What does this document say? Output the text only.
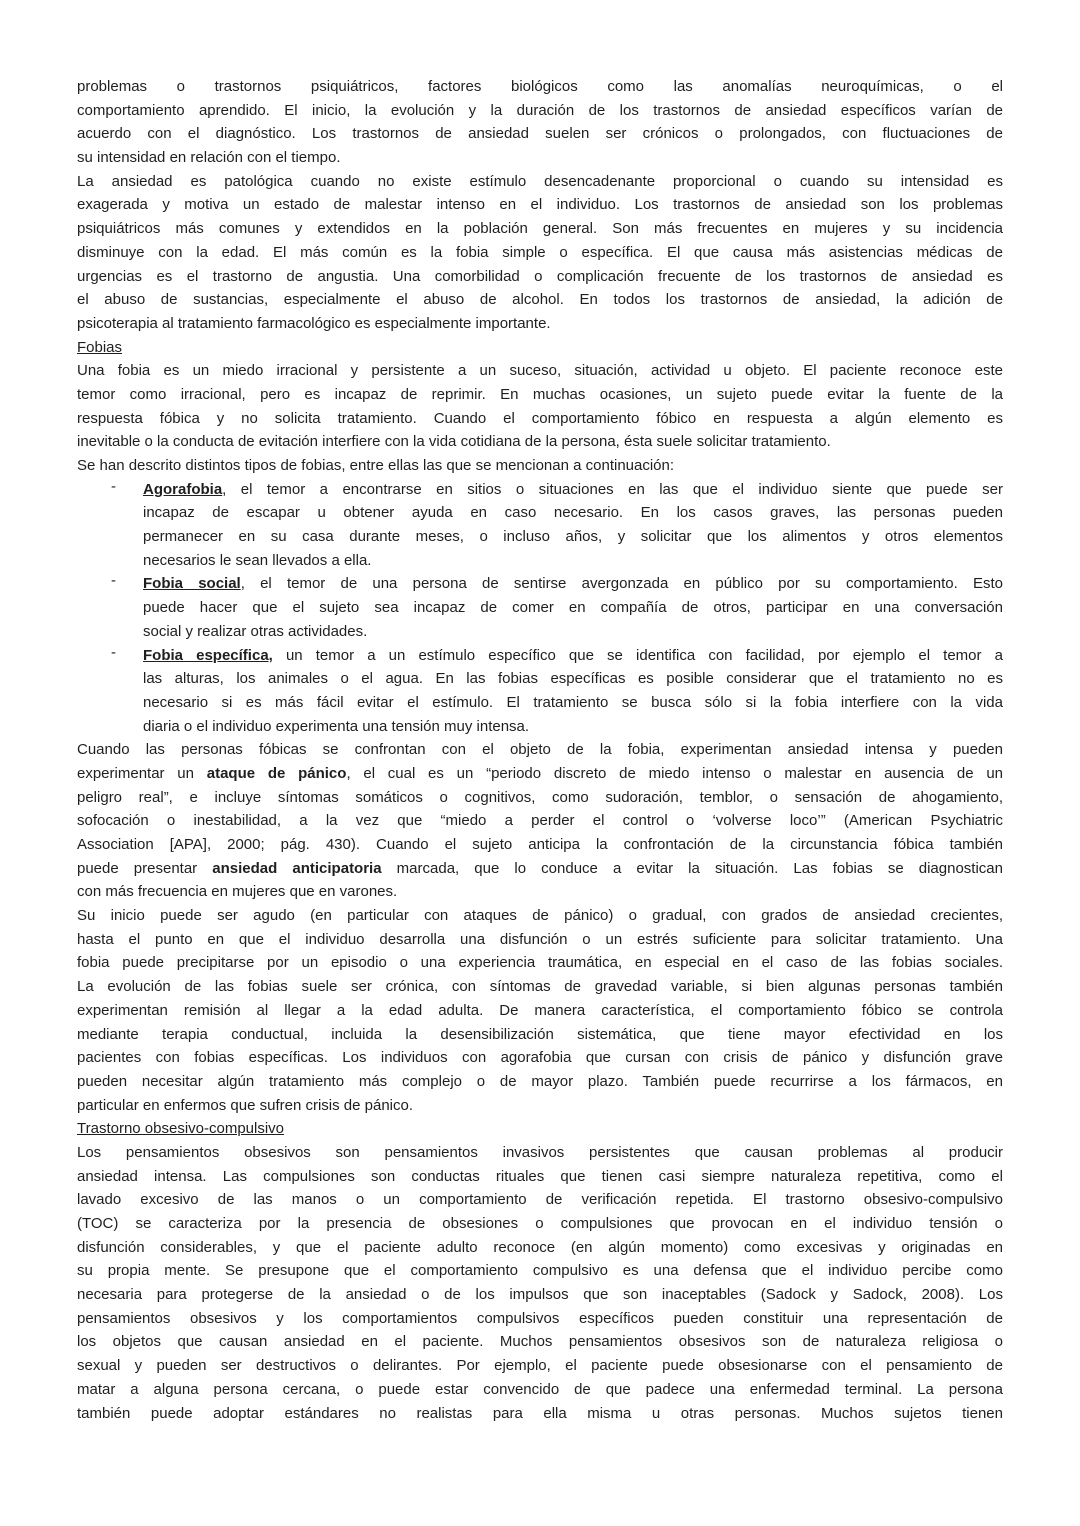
problemas o trastornos psiquiátricos, factores biológicos como las anomalías neuroquímicas, o el
comportamiento aprendido. El inicio, la evolución y la duración de los trastornos de ansiedad específicos varían de
acuerdo con el diagnóstico. Los trastornos de ansiedad suelen ser crónicos o prolongados, con fluctuaciones de
su intensidad en relación con el tiempo.
La ansiedad es patológica cuando no existe estímulo desencadenante proporcional o cuando su intensidad es
exagerada y motiva un estado de malestar intenso en el individuo. Los trastornos de ansiedad son los problemas
psiquiátricos más comunes y extendidos en la población general. Son más frecuentes en mujeres y su incidencia
disminuye con la edad. El más común es la fobia simple o específica. El que causa más asistencias médicas de
urgencias es el trastorno de angustia. Una comorbilidad o complicación frecuente de los trastornos de ansiedad es
el abuso de sustancias, especialmente el abuso de alcohol. En todos los trastornos de ansiedad, la adición de
psicoterapia al tratamiento farmacológico es especialmente importante.
Fobias
Una fobia es un miedo irracional y persistente a un suceso, situación, actividad u objeto. El paciente reconoce este
temor como irracional, pero es incapaz de reprimir. En muchas ocasiones, un sujeto puede evitar la fuente de la
respuesta fóbica y no solicita tratamiento. Cuando el comportamiento fóbico en respuesta a algún elemento es
inevitable o la conducta de evitación interfiere con la vida cotidiana de la persona, ésta suele solicitar tratamiento.
Se han descrito distintos tipos de fobias, entre ellas las que se mencionan a continuación:
- Agorafobia, el temor a encontrarse en sitios o situaciones en las que el individuo siente que puede ser
incapaz de escapar u obtener ayuda en caso necesario. En los casos graves, las personas pueden
permanecer en su casa durante meses, o incluso años, y solicitar que los alimentos y otros elementos
necesarios le sean llevados a ella.
- Fobia social, el temor de una persona de sentirse avergonzada en público por su comportamiento. Esto
puede hacer que el sujeto sea incapaz de comer en compañía de otros, participar en una conversación
social y realizar otras actividades.
- Fobia específica, un temor a un estímulo específico que se identifica con facilidad, por ejemplo el temor a
las alturas, los animales o el agua. En las fobias específicas es posible considerar que el tratamiento no es
necesario si es más fácil evitar el estímulo. El tratamiento se busca sólo si la fobia interfiere con la vida
diaria o el individuo experimenta una tensión muy intensa.
Cuando las personas fóbicas se confrontan con el objeto de la fobia, experimentan ansiedad intensa y pueden
experimentar un ataque de pánico, el cual es un “periodo discreto de miedo intenso o malestar en ausencia de un
peligro real”, e incluye síntomas somáticos o cognitivos, como sudoración, temblor, o sensación de ahogamiento,
sofocación o inestabilidad, a la vez que “miedo a perder el control o ‘volverse loco’” (American Psychiatric
Association [APA], 2000; pág. 430). Cuando el sujeto anticipa la confrontación de la circunstancia fóbica también
puede presentar ansiedad anticipatoria marcada, que lo conduce a evitar la situación. Las fobias se diagnostican
con más frecuencia en mujeres que en varones.
Su inicio puede ser agudo (en particular con ataques de pánico) o gradual, con grados de ansiedad crecientes,
hasta el punto en que el individuo desarrolla una disfunción o un estrés suficiente para solicitar tratamiento. Una
fobia puede precipitarse por un episodio o una experiencia traumática, en especial en el caso de las fobias sociales.
La evolución de las fobias suele ser crónica, con síntomas de gravedad variable, si bien algunas personas también
experimentan remisión al llegar a la edad adulta. De manera característica, el comportamiento fóbico se controla
mediante terapia conductual, incluida la desensibilización sistemática, que tiene mayor efectividad en los
pacientes con fobias específicas. Los individuos con agorafobia que cursan con crisis de pánico y disfunción grave
pueden necesitar algún tratamiento más complejo o de mayor plazo. También puede recurrirse a los fármacos, en
particular en enfermos que sufren crisis de pánico.
Trastorno obsesivo-compulsivo
Los pensamientos obsesivos son pensamientos invasivos persistentes que causan problemas al producir
ansiedad intensa. Las compulsiones son conductas rituales que tienen casi siempre naturaleza repetitiva, como el
lavado excesivo de las manos o un comportamiento de verificación repetida. El trastorno obsesivo-compulsivo
(TOC) se caracteriza por la presencia de obsesiones o compulsiones que provocan en el individuo tensión o
disfunción considerables, y que el paciente adulto reconoce (en algún momento) como excesivas y originadas en
su propia mente. Se presupone que el comportamiento compulsivo es una defensa que el individuo percibe como
necesaria para protegerse de la ansiedad o de los impulsos que son inaceptables (Sadock y Sadock, 2008). Los
pensamientos obsesivos y los comportamientos compulsivos específicos pueden constituir una representación de
los objetos que causan ansiedad en el paciente. Muchos pensamientos obsesivos son de naturaleza religiosa o
sexual y pueden ser destructivos o delirantes. Por ejemplo, el paciente puede obsesionarse con el pensamiento de
matar a alguna persona cercana, o puede estar convencido de que padece una enfermedad terminal. La persona
también puede adoptar estándares no realistas para ella misma u otras personas. Muchos sujetos tienen
